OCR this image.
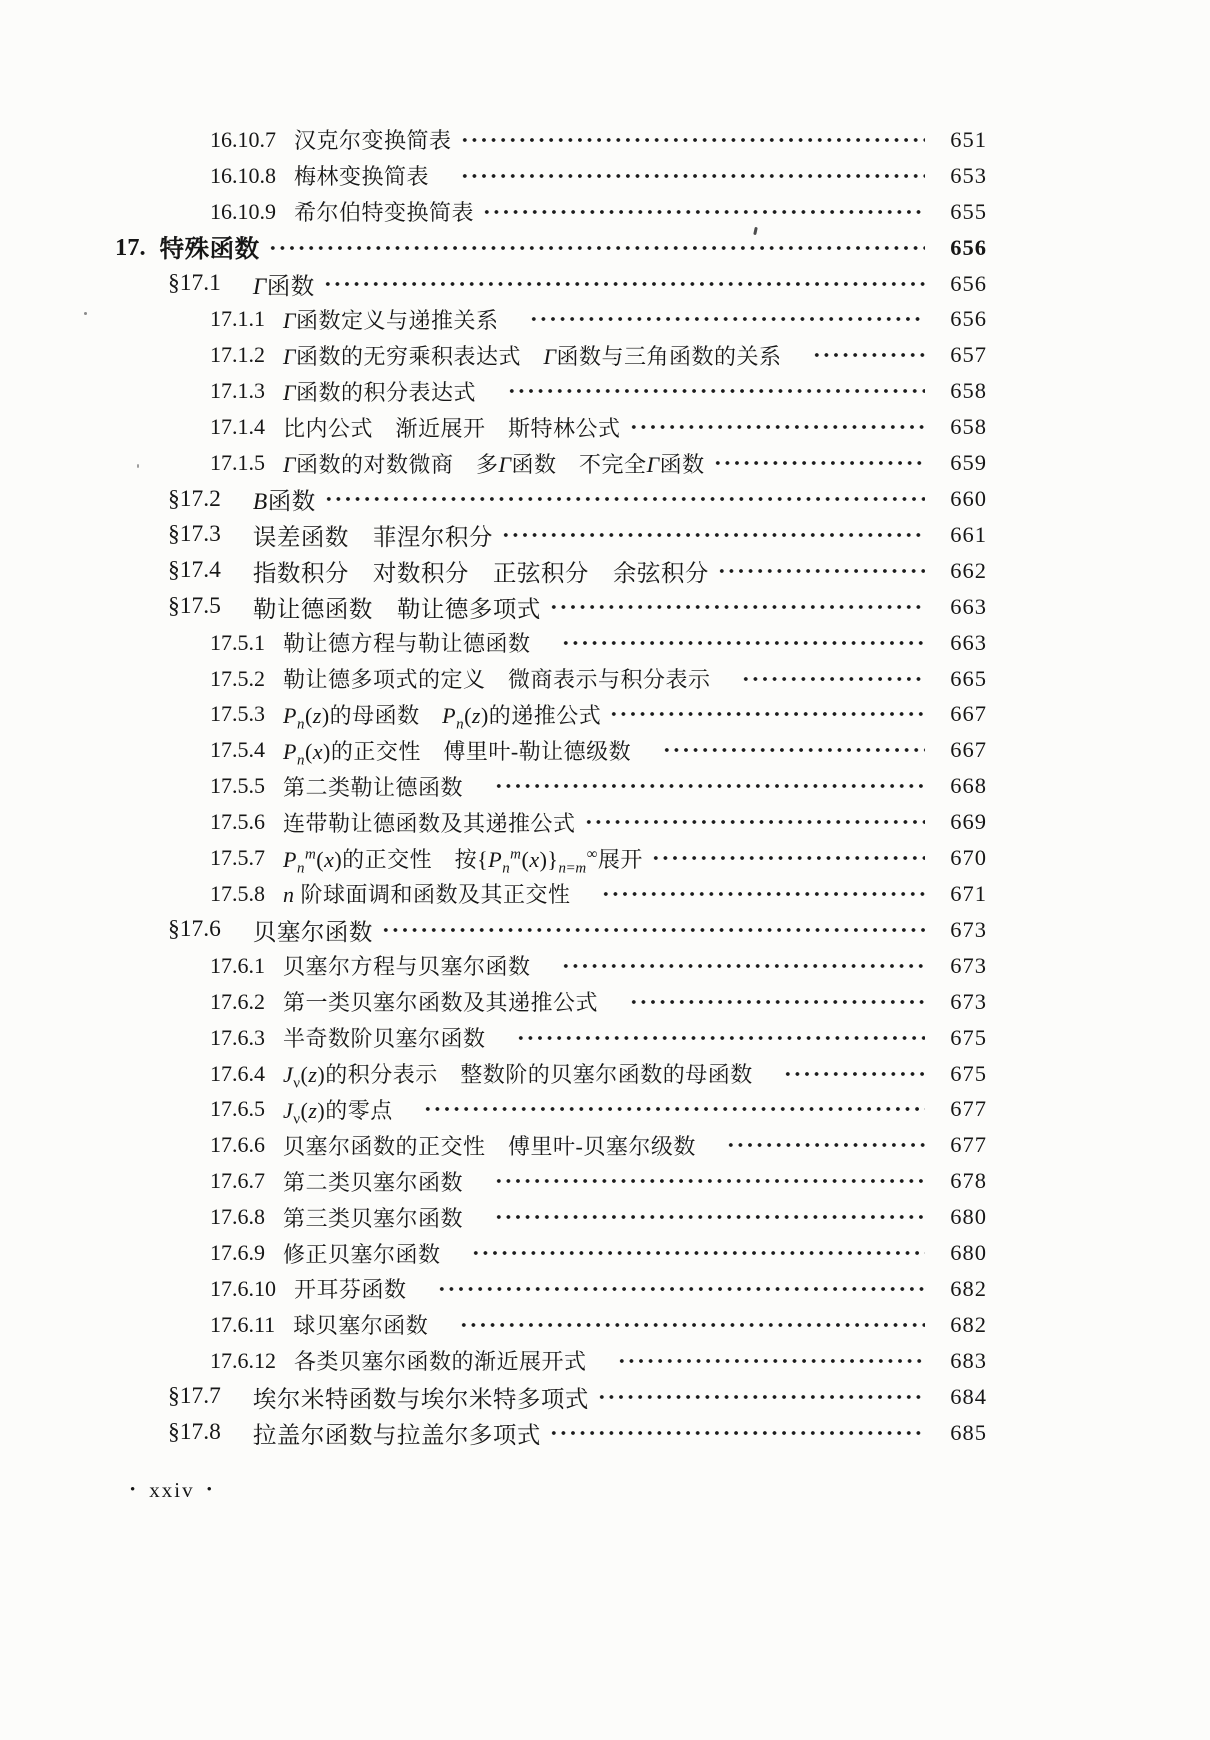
16.10.7 汉克尔变换简表	651
16.10.8 梅林变换简表　	653
16.10.9 希尔伯特变换简表	655
17. 特殊函数	656
§17.1 Γ函数	656
17.1.1 Γ函数定义与递推关系　	656
17.1.2 Γ函数的无穷乘积表达式　Γ函数与三角函数的关系　	657
17.1.3 Γ函数的积分表达式　	658
17.1.4 比内公式　渐近展开　斯特林公式	658
17.1.5 Γ函数的对数微商　多Γ函数　不完全Γ函数	659
§17.2 B函数	660
§17.3 误差函数　菲涅尔积分	661
§17.4 指数积分　对数积分　正弦积分　余弦积分	662
§17.5 勒让德函数　勒让德多项式	663
17.5.1 勒让德方程与勒让德函数　	663
17.5.2 勒让德多项式的定义　微商表示与积分表示　	665
17.5.3 $P_n(z)$的母函数　$P_n(z)$的递推公式	667
17.5.4 $P_n(x)$的正交性　傅里叶-勒让德级数　	667
17.5.5 第二类勒让德函数　	668
17.5.6 连带勒让德函数及其递推公式	669
17.5.7 $P_n^m(x)$的正交性　按$\{P_n^m(x)\}_{n=m}^\infty$展开	670
17.5.8 n 阶球面调和函数及其正交性　	671
§17.6 贝塞尔函数	673
17.6.1 贝塞尔方程与贝塞尔函数　	673
17.6.2 第一类贝塞尔函数及其递推公式　	673
17.6.3 半奇数阶贝塞尔函数　	675
17.6.4 $J_\nu(z)$的积分表示　整数阶的贝塞尔函数的母函数　	675
17.6.5 $J_\nu(z)$的零点　	677
17.6.6 贝塞尔函数的正交性　傅里叶-贝塞尔级数　	677
17.6.7 第二类贝塞尔函数　	678
17.6.8 第三类贝塞尔函数　	680
17.6.9 修正贝塞尔函数　	680
17.6.10 开耳芬函数　	682
17.6.11 球贝塞尔函数　	682
17.6.12 各类贝塞尔函数的渐近展开式　	683
§17.7 埃尔米特函数与埃尔米特多项式	684
§17.8 拉盖尔函数与拉盖尔多项式	685
• xxiv •
